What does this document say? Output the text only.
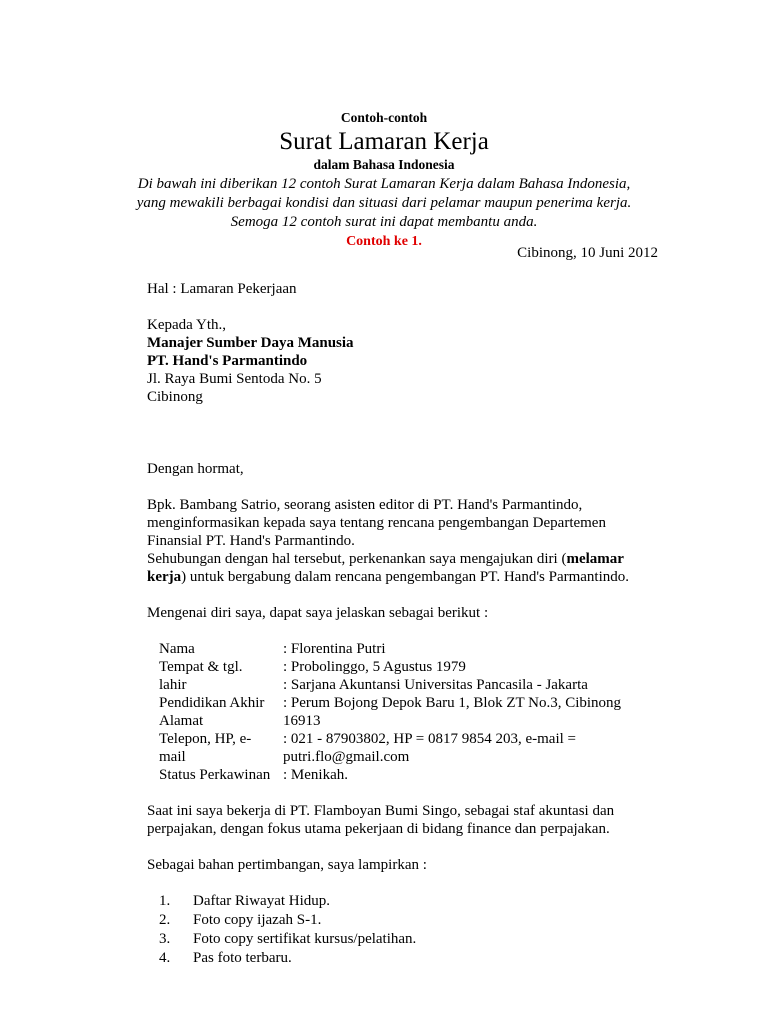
Contoh-contoh
Surat Lamaran Kerja
dalam Bahasa Indonesia
Di bawah ini diberikan 12 contoh Surat Lamaran Kerja dalam Bahasa Indonesia,
yang mewakili berbagai kondisi dan situasi dari pelamar maupun penerima kerja.
Semoga 12 contoh surat ini dapat membantu anda.
Contoh ke 1.
Cibinong, 10 Juni 2012
Hal : Lamaran Pekerjaan
Kepada Yth.,
Manajer Sumber Daya Manusia
PT. Hand's Parmantindo
Jl. Raya Bumi Sentoda No. 5
Cibinong
Dengan hormat,
Bpk. Bambang Satrio, seorang asisten editor di PT. Hand's Parmantindo,
menginformasikan kepada saya tentang rencana pengembangan Departemen
Finansial PT. Hand's Parmantindo.
Sehubungan dengan hal tersebut, perkenankan saya mengajukan diri (melamar
kerja) untuk bergabung dalam rencana pengembangan PT. Hand's Parmantindo.
Mengenai diri saya, dapat saya jelaskan sebagai berikut :
Nama	: Florentina Putri
Tempat & tgl.	: Probolinggo, 5 Agustus 1979
lahir	: Sarjana Akuntansi Universitas Pancasila - Jakarta
Pendidikan Akhir	: Perum Bojong Depok Baru 1, Blok ZT No.3, Cibinong
Alamat	16913
Telepon, HP, e-	: 021 - 87903802, HP = 0817 9854 203, e-mail =
mail	putri.flo@gmail.com
Status Perkawinan : Menikah.
Saat ini saya bekerja di PT. Flamboyan Bumi Singo, sebagai staf akuntasi dan
perpajakan, dengan fokus utama pekerjaan di bidang finance dan perpajakan.
Sebagai bahan pertimbangan, saya lampirkan :
1.	Daftar Riwayat Hidup.
2.	Foto copy ijazah S-1.
3.	Foto copy sertifikat kursus/pelatihan.
4.	Pas foto terbaru.
